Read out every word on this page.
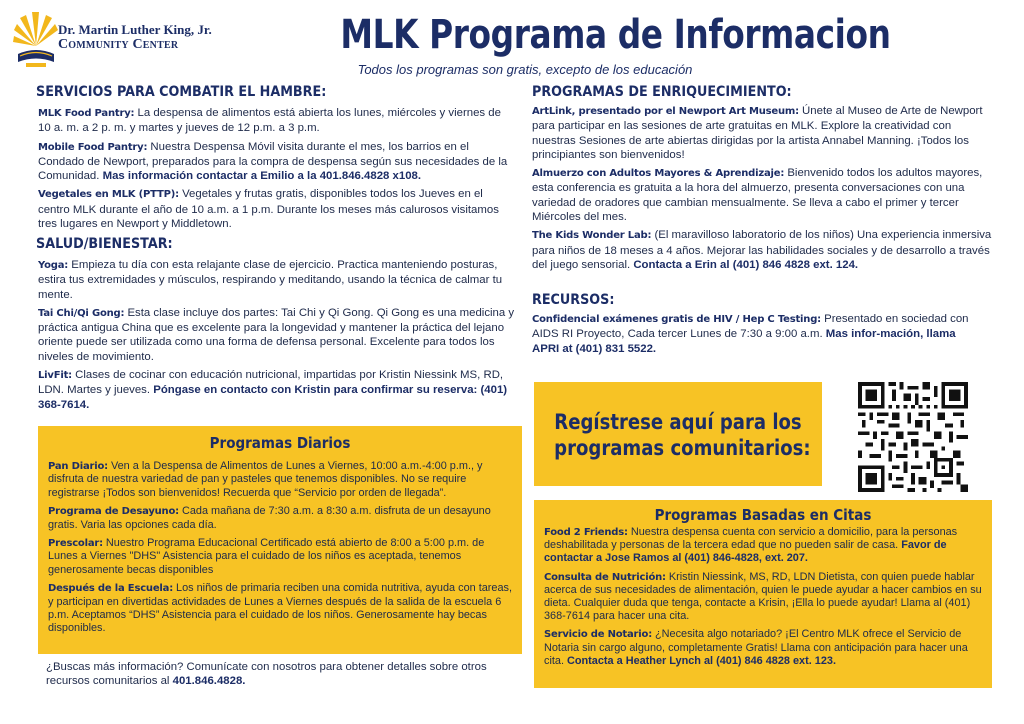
Dr. Martin Luther King, Jr.
Community Center	MLK Programa de Informacion
Todos los programas son gratis, excepto de los educación
SERVICIOS PARA COMBATIR EL HAMBRE:
MLK Food Pantry: La despensa de alimentos está abierta los lunes, miércoles y viernes de 10 a. m. a 2 p. m. y martes y jueves de 12 p.m. a 3 p.m.
Mobile Food Pantry: Nuestra Despensa Móvil visita durante el mes, los barrios en el Condado de Newport, preparados para la compra de despensa según sus necesidades de la Comunidad. Mas información contactar a Emilio a la 401.846.4828 x108.
Vegetales en MLK (PTTP): Vegetales y frutas gratis, disponibles todos los Jueves en el centro MLK durante el año de 10 a.m. a 1 p.m. Durante los meses más calurosos visitamos tres lugares en Newport y Middletown.
SALUD/BIENESTAR:
Yoga: Empieza tu día con esta relajante clase de ejercicio. Practica manteniendo posturas, estira tus extremidades y músculos, respirando y meditando, usando la técnica de calmar tu mente.
Tai Chi/Qi Gong: Esta clase incluye dos partes: Tai Chi y Qi Gong. Qi Gong es una medicina y práctica antigua China que es excelente para la longevidad y mantener la práctica del lejano oriente puede ser utilizada como una forma de defensa personal. Excelente para todos los niveles de movimiento.
LivFit: Clases de cocinar con educación nutricional, impartidas por Kristin Niessink MS, RD, LDN. Martes y jueves. Póngase en contacto con Kristin para confirmar su reserva: (401) 368-7614.
Programas Diarios
Pan Diario: Ven a la Despensa de Alimentos de Lunes a Viernes, 10:00 a.m.-4:00 p.m., y disfruta de nuestra variedad de pan y pasteles que tenemos disponibles. No se require registrarse ¡Todos son bienvenidos! Recuerda que “Servicio por orden de llegada”.
Programa de Desayuno: Cada mañana de 7:30 a.m. a 8:30 a.m. disfruta de un desayuno gratis. Varia las opciones cada día.
Prescolar: Nuestro Programa Educacional Certificado está abierto de 8:00 a 5:00 p.m. de Lunes a Viernes "DHS" Asistencia para el cuidado de los niños es aceptada, tenemos generosamente becas disponibles
Después de la Escuela: Los niños de primaria reciben una comida nutritiva, ayuda con tareas, y participan en divertidas actividades de Lunes a Viernes después de la salida de la escuela 6 p.m. Aceptamos “DHS” Asistencia para el cuidado de los niños. Generosamente hay becas disponibles.
¿Buscas más información? Comunícate con nosotros para obtener detalles sobre otros recursos comunitarios al 401.846.4828.
PROGRAMAS DE ENRIQUECIMIENTO:
ArtLink, presentado por el Newport Art Museum: Únete al Museo de Arte de Newport para participar en las sesiones de arte gratuitas en MLK. Explore la creatividad con nuestras Sesiones de arte abiertas dirigidas por la artista Annabel Manning. ¡Todos los principiantes son bienvenidos!
Almuerzo con Adultos Mayores & Aprendizaje: Bienvenido todos los adultos mayores, esta conferencia es gratuita a la hora del almuerzo, presenta conversaciones con una variedad de oradores que cambian mensualmente. Se lleva a cabo el primer y tercer Miércoles del mes.
The Kids Wonder Lab: (El maravilloso laboratorio de los niños) Una experiencia inmersiva para niños de 18 meses a 4 años. Mejorar las habilidades sociales y de desarrollo a través del juego sensorial. Contacta a Erin al (401) 846 4828 ext. 124.
RECURSOS:
Confidencial exámenes gratis de HIV / Hep C Testing: Presentado en sociedad con AIDS RI Proyecto, Cada tercer Lunes de 7:30 a 9:00 a.m. Mas infor-mación, llama APRI at (401) 831 5522.
Regístrese aquí para los
programas comunitarios:
Programas Basadas en Citas
Food 2 Friends: Nuestra despensa cuenta con servicio a domicilio, para la personas deshabilitada y personas de la tercera edad que no pueden salir de casa. Favor de contactar a Jose Ramos al (401) 846-4828, ext. 207.
Consulta de Nutrición: Kristin Niessink, MS, RD, LDN Dietista, con quien puede hablar acerca de sus necesidades de alimentación, quien le puede ayudar a hacer cambios en su dieta. Cualquier duda que tenga, contacte a Krisin, ¡Ella lo puede ayudar! Llama al (401) 368-7614 para hacer una cita.
Servicio de Notario: ¿Necesita algo notariado? ¡El Centro MLK ofrece el Servicio de Notaria sin cargo alguno, completamente Gratis! Llama con anticipación para hacer una cita. Contacta a Heather Lynch al (401) 846 4828 ext. 123.
